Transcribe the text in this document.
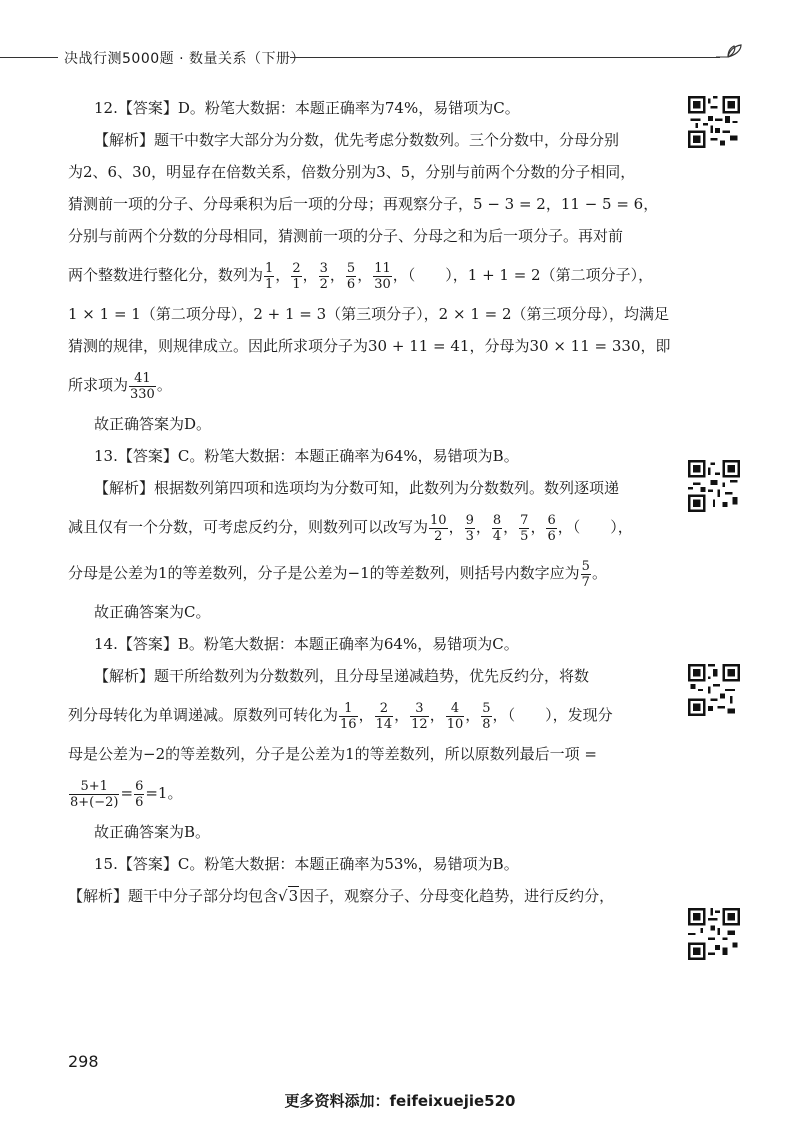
决战行测5000题 · 数量关系（下册）
12.【答案】D。粉笔大数据：本题正确率为74%，易错项为C。
【解析】题干中数字大部分为分数，优先考虑分数数列。三个分数中，分母分别
为2、6、30，明显存在倍数关系，倍数分别为3、5，分别与前两个分数的分子相同，
猜测前一项的分子、分母乘积为后一项的分母；再观察分子，5 − 3 = 2，11 − 5 = 6，
分别与前两个分数的分母相同，猜测前一项的分子、分母之和为后一项分子。再对前
两个整数进行整化分，数列为 $\frac{1}{1}$ ， $\frac{2}{1}$ ， $\frac{3}{2}$ ， $\frac{5}{6}$ ， $\frac{11}{30}$ ，（　　），1 + 1 = 2（第二项分子），
1 × 1 = 1（第二项分母），2 + 1 = 3（第三项分子），2 × 1 = 2（第三项分母），均满足
猜测的规律，则规律成立。因此所求项分子为30 + 11 = 41，分母为30 × 11 = 330，即
所求项为 $\frac{41}{330}$ 。
故正确答案为D。
13.【答案】C。粉笔大数据：本题正确率为64%，易错项为B。
【解析】根据数列第四项和选项均为分数可知，此数列为分数数列。数列逐项递
减且仅有一个分数，可考虑反约分，则数列可以改写为 $\frac{10}{2}$ ， $\frac{9}{3}$ ， $\frac{8}{4}$ ， $\frac{7}{5}$ ， $\frac{6}{6}$ ，（　　），
分母是公差为1的等差数列，分子是公差为−1的等差数列，则括号内数字应为 $\frac{5}{7}$ 。
故正确答案为C。
14.【答案】B。粉笔大数据：本题正确率为64%，易错项为C。
【解析】题干所给数列为分数数列，且分母呈递减趋势，优先反约分，将数
列分母转化为单调递减。原数列可转化为 $\frac{1}{16}$ ， $\frac{2}{14}$ ， $\frac{3}{12}$ ， $\frac{4}{10}$ ， $\frac{5}{8}$ ，（　　），发现分
母是公差为−2的等差数列，分子是公差为1的等差数列，所以原数列最后一项 =
$\frac{5+1}{8+(-2)} = \frac{6}{6} =1$。
故正确答案为B。
15.【答案】C。粉笔大数据：本题正确率为53%，易错项为B。
【解析】题干中分子部分均包含√3因子，观察分子、分母变化趋势，进行反约分，
298
更多资料添加：feifeixuejie520
